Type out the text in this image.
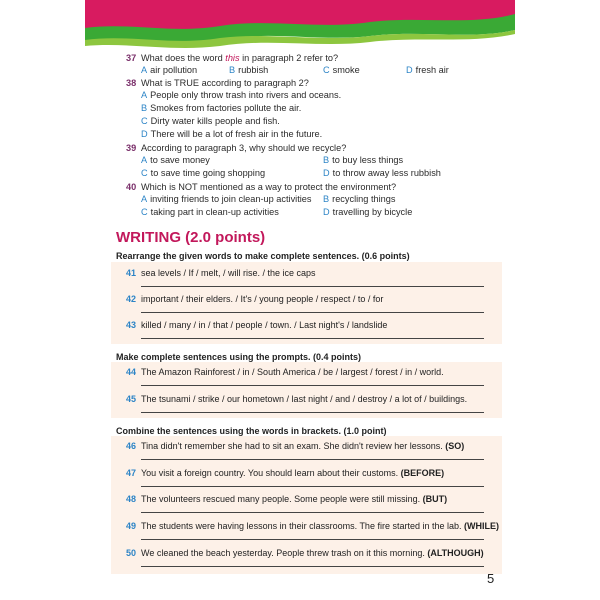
37 What does the word this in paragraph 2 refer to?
A air pollution	B rubbish	C smoke	D fresh air
38 What is TRUE according to paragraph 2?
A People only throw trash into rivers and oceans.
B Smokes from factories pollute the air.
C Dirty water kills people and fish.
D There will be a lot of fresh air in the future.
39 According to paragraph 3, why should we recycle?
A to save money	B to buy less things
C to save time going shopping	D to throw away less rubbish
40 Which is NOT mentioned as a way to protect the environment?
A inviting friends to join clean-up activities B recycling things
C taking part in clean-up activities	D travelling by bicycle
WRITING (2.0 points)
Rearrange the given words to make complete sentences. (0.6 points)
41 sea levels / If / melt, / will rise. / the ice caps
42 important / their elders. / It's / young people / respect / to / for
43 killed / many / in / that / people / town. / Last night's / landslide
Make complete sentences using the prompts. (0.4 points)
44 The Amazon Rainforest / in / South America / be / largest / forest / in / world.
45 The tsunami / strike / our hometown / last night / and / destroy / a lot of / buildings.
Combine the sentences using the words in brackets. (1.0 point)
46 Tina didn't remember she had to sit an exam. She didn't review her lessons. (SO)
47 You visit a foreign country. You should learn about their customs. (BEFORE)
48 The volunteers rescued many people. Some people were still missing. (BUT)
49 The students were having lessons in their classrooms. The fire started in the lab. (WHILE)
50 We cleaned the beach yesterday. People threw trash on it this morning. (ALTHOUGH)
5
